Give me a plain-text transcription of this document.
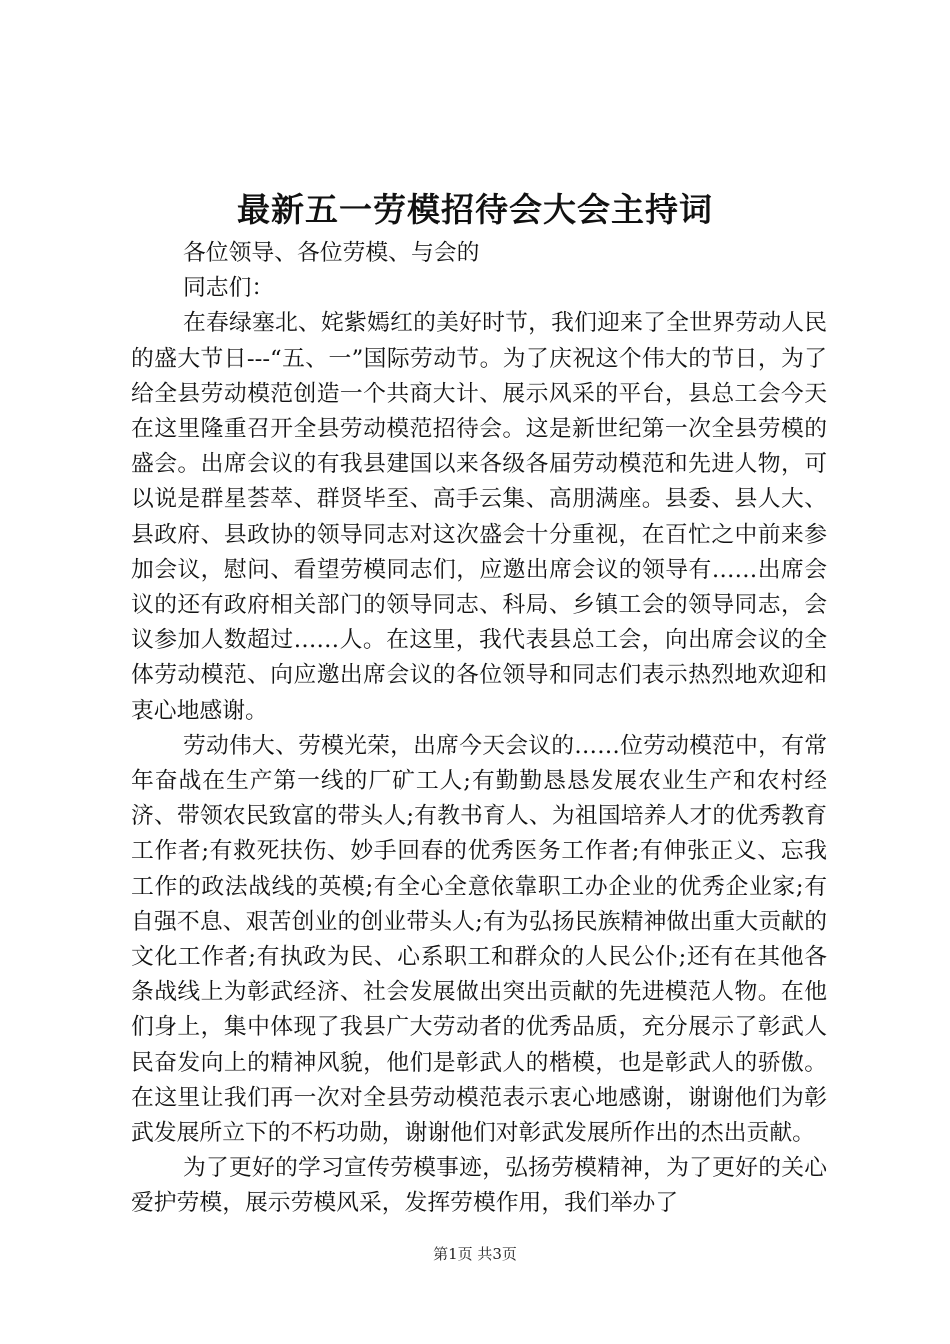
最新五一劳模招待会大会主持词

各位领导、各位劳模、与会的

同志们：

在春绿塞北、姹紫嫣红的美好时节，我们迎来了全世界劳动人民的盛大节日---“五、一”国际劳动节。为了庆祝这个伟大的节日，为了给全县劳动模范创造一个共商大计、展示风采的平台，县总工会今天在这里隆重召开全县劳动模范招待会。这是新世纪第一次全县劳模的盛会。出席会议的有我县建国以来各级各届劳动模范和先进人物，可以说是群星荟萃、群贤毕至、高手云集、高朋满座。县委、县人大、县政府、县政协的领导同志对这次盛会十分重视，在百忙之中前来参加会议，慰问、看望劳模同志们，应邀出席会议的领导有……出席会议的还有政府相关部门的领导同志、科局、乡镇工会的领导同志，会议参加人数超过……人。在这里，我代表县总工会，向出席会议的全体劳动模范、向应邀出席会议的各位领导和同志们表示热烈地欢迎和衷心地感谢。

劳动伟大、劳模光荣，出席今天会议的……位劳动模范中，有常年奋战在生产第一线的厂矿工人;有勤勤恳恳发展农业生产和农村经济、带领农民致富的带头人;有教书育人、为祖国培养人才的优秀教育工作者;有救死扶伤、妙手回春的优秀医务工作者;有伸张正义、忘我工作的政法战线的英模;有全心全意依靠职工办企业的优秀企业家;有自强不息、艰苦创业的创业带头人;有为弘扬民族精神做出重大贡献的文化工作者;有执政为民、心系职工和群众的人民公仆;还有在其他各条战线上为彰武经济、社会发展做出突出贡献的先进模范人物。在他们身上，集中体现了我县广大劳动者的优秀品质，充分展示了彰武人民奋发向上的精神风貌，他们是彰武人的楷模，也是彰武人的骄傲。在这里让我们再一次对全县劳动模范表示衷心地感谢，谢谢他们为彰武发展所立下的不朽功勋，谢谢他们对彰武发展所作出的杰出贡献。

为了更好的学习宣传劳模事迹，弘扬劳模精神，为了更好的关心爱护劳模，展示劳模风采，发挥劳模作用，我们举办了

第1页 共3页
